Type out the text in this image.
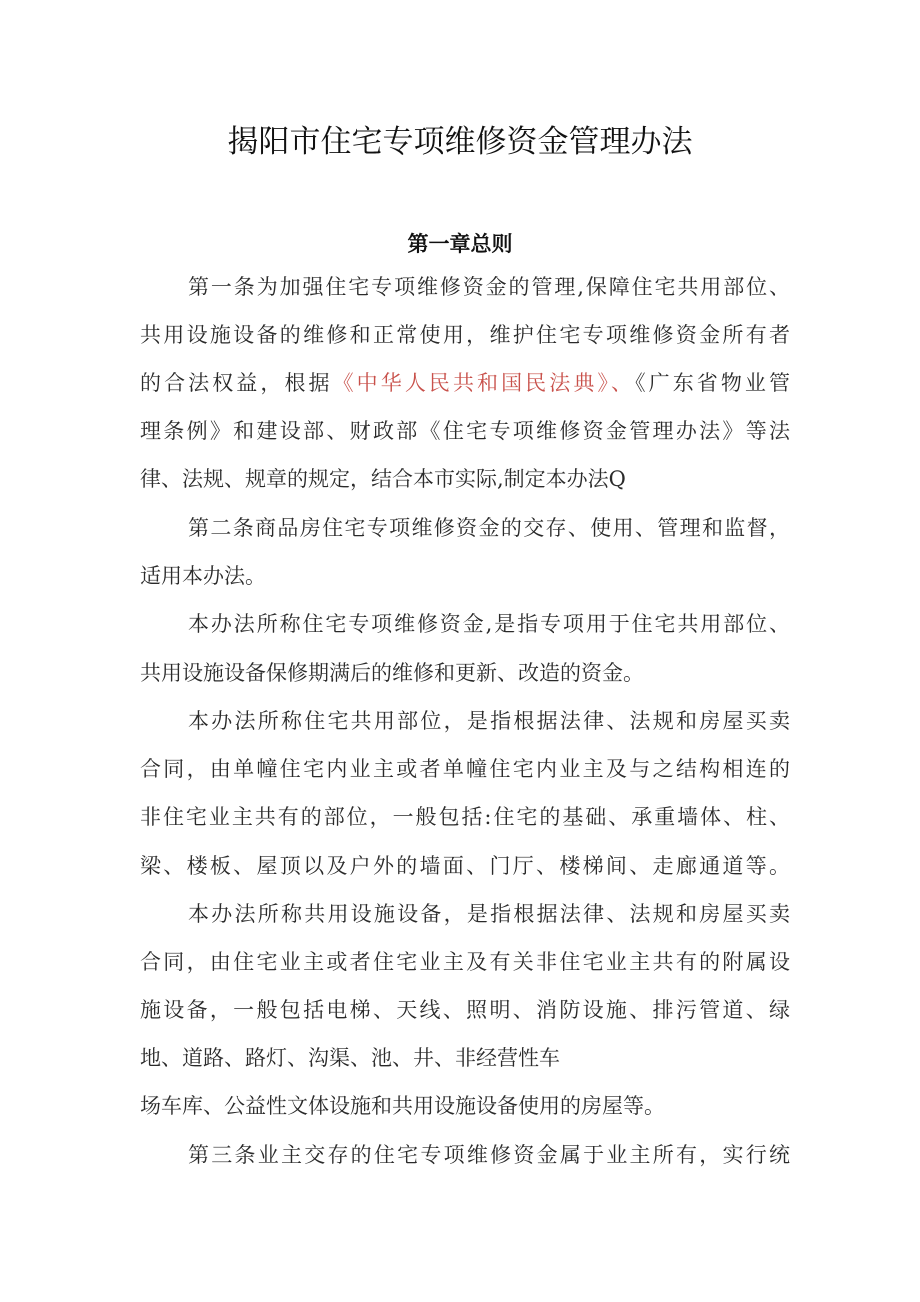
揭阳市住宅专项维修资金管理办法
第一章总则

第一条为加强住宅专项维修资金的管理,保障住宅共用部位、

共用设施设备的维修和正常使用，维护住宅专项维修资金所有者

的合法权益，根据《中华人民共和国民法典》、《广东省物业管

理条例》和建设部、财政部《住宅专项维修资金管理办法》等法

律、法规、规章的规定，结合本市实际,制定本办法Q

第二条商品房住宅专项维修资金的交存、使用、管理和监督，

适用本办法。

本办法所称住宅专项维修资金,是指专项用于住宅共用部位、

共用设施设备保修期满后的维修和更新、改造的资金。

本办法所称住宅共用部位，是指根据法律、法规和房屋买卖

合同，由单幢住宅内业主或者单幢住宅内业主及与之结构相连的

非住宅业主共有的部位，一般包括:住宅的基础、承重墙体、柱、

梁、楼板、屋顶以及户外的墙面、门厅、楼梯间、走廊通道等。

本办法所称共用设施设备，是指根据法律、法规和房屋买卖

合同，由住宅业主或者住宅业主及有关非住宅业主共有的附属设

施设备，一般包括电梯、天线、照明、消防设施、排污管道、绿

地、道路、路灯、沟渠、池、井、非经营性车

场车库、公益性文体设施和共用设施设备使用的房屋等。

第三条业主交存的住宅专项维修资金属于业主所有，实行统
